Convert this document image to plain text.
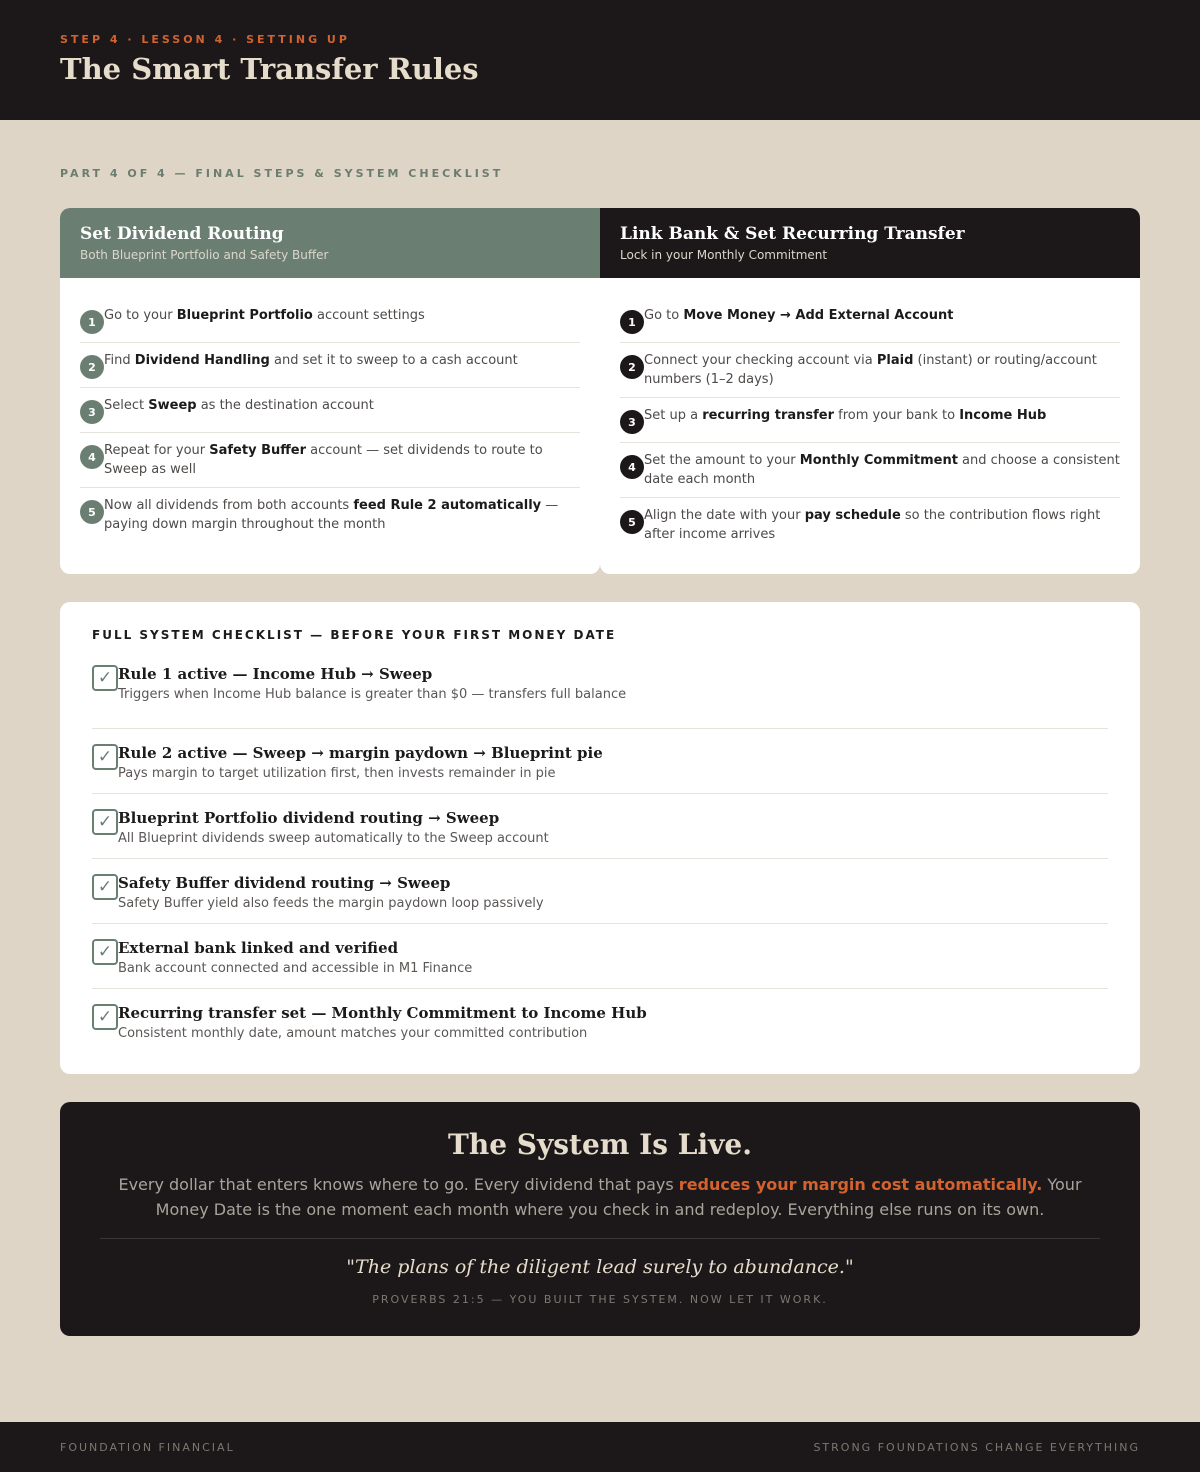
STEP 4 · LESSON 4 · SETTING UP
The Smart Transfer Rules
PART 4 OF 4 — FINAL STEPS & SYSTEM CHECKLIST
Set Dividend Routing
Both Blueprint Portfolio and Safety Buffer
1 Go to your Blueprint Portfolio account settings
2 Find Dividend Handling and set it to sweep to a cash account
3 Select Sweep as the destination account
4 Repeat for your Safety Buffer account — set dividends to route to Sweep as well
5 Now all dividends from both accounts feed Rule 2 automatically — paying down margin throughout the month
Link Bank & Set Recurring Transfer
Lock in your Monthly Commitment
1 Go to Move Money → Add External Account
2 Connect your checking account via Plaid (instant) or routing/account numbers (1–2 days)
3 Set up a recurring transfer from your bank to Income Hub
4 Set the amount to your Monthly Commitment and choose a consistent date each month
5 Align the date with your pay schedule so the contribution flows right after income arrives
FULL SYSTEM CHECKLIST — BEFORE YOUR FIRST MONEY DATE
✓ Rule 1 active — Income Hub → Sweep
Triggers when Income Hub balance is greater than $0 — transfers full balance
✓ Rule 2 active — Sweep → margin paydown → Blueprint pie
Pays margin to target utilization first, then invests remainder in pie
✓ Blueprint Portfolio dividend routing → Sweep
All Blueprint dividends sweep automatically to the Sweep account
✓ Safety Buffer dividend routing → Sweep
Safety Buffer yield also feeds the margin paydown loop passively
✓ External bank linked and verified
Bank account connected and accessible in M1 Finance
✓ Recurring transfer set — Monthly Commitment to Income Hub
Consistent monthly date, amount matches your committed contribution
The System Is Live.

Every dollar that enters knows where to go. Every dividend that pays reduces your margin cost automatically. Your Money Date is the one moment each month where you check in and redeploy. Everything else runs on its own.

"The plans of the diligent lead surely to abundance."
PROVERBS 21:5 — YOU BUILT THE SYSTEM. NOW LET IT WORK.
FOUNDATION FINANCIAL	STRONG FOUNDATIONS CHANGE EVERYTHING
